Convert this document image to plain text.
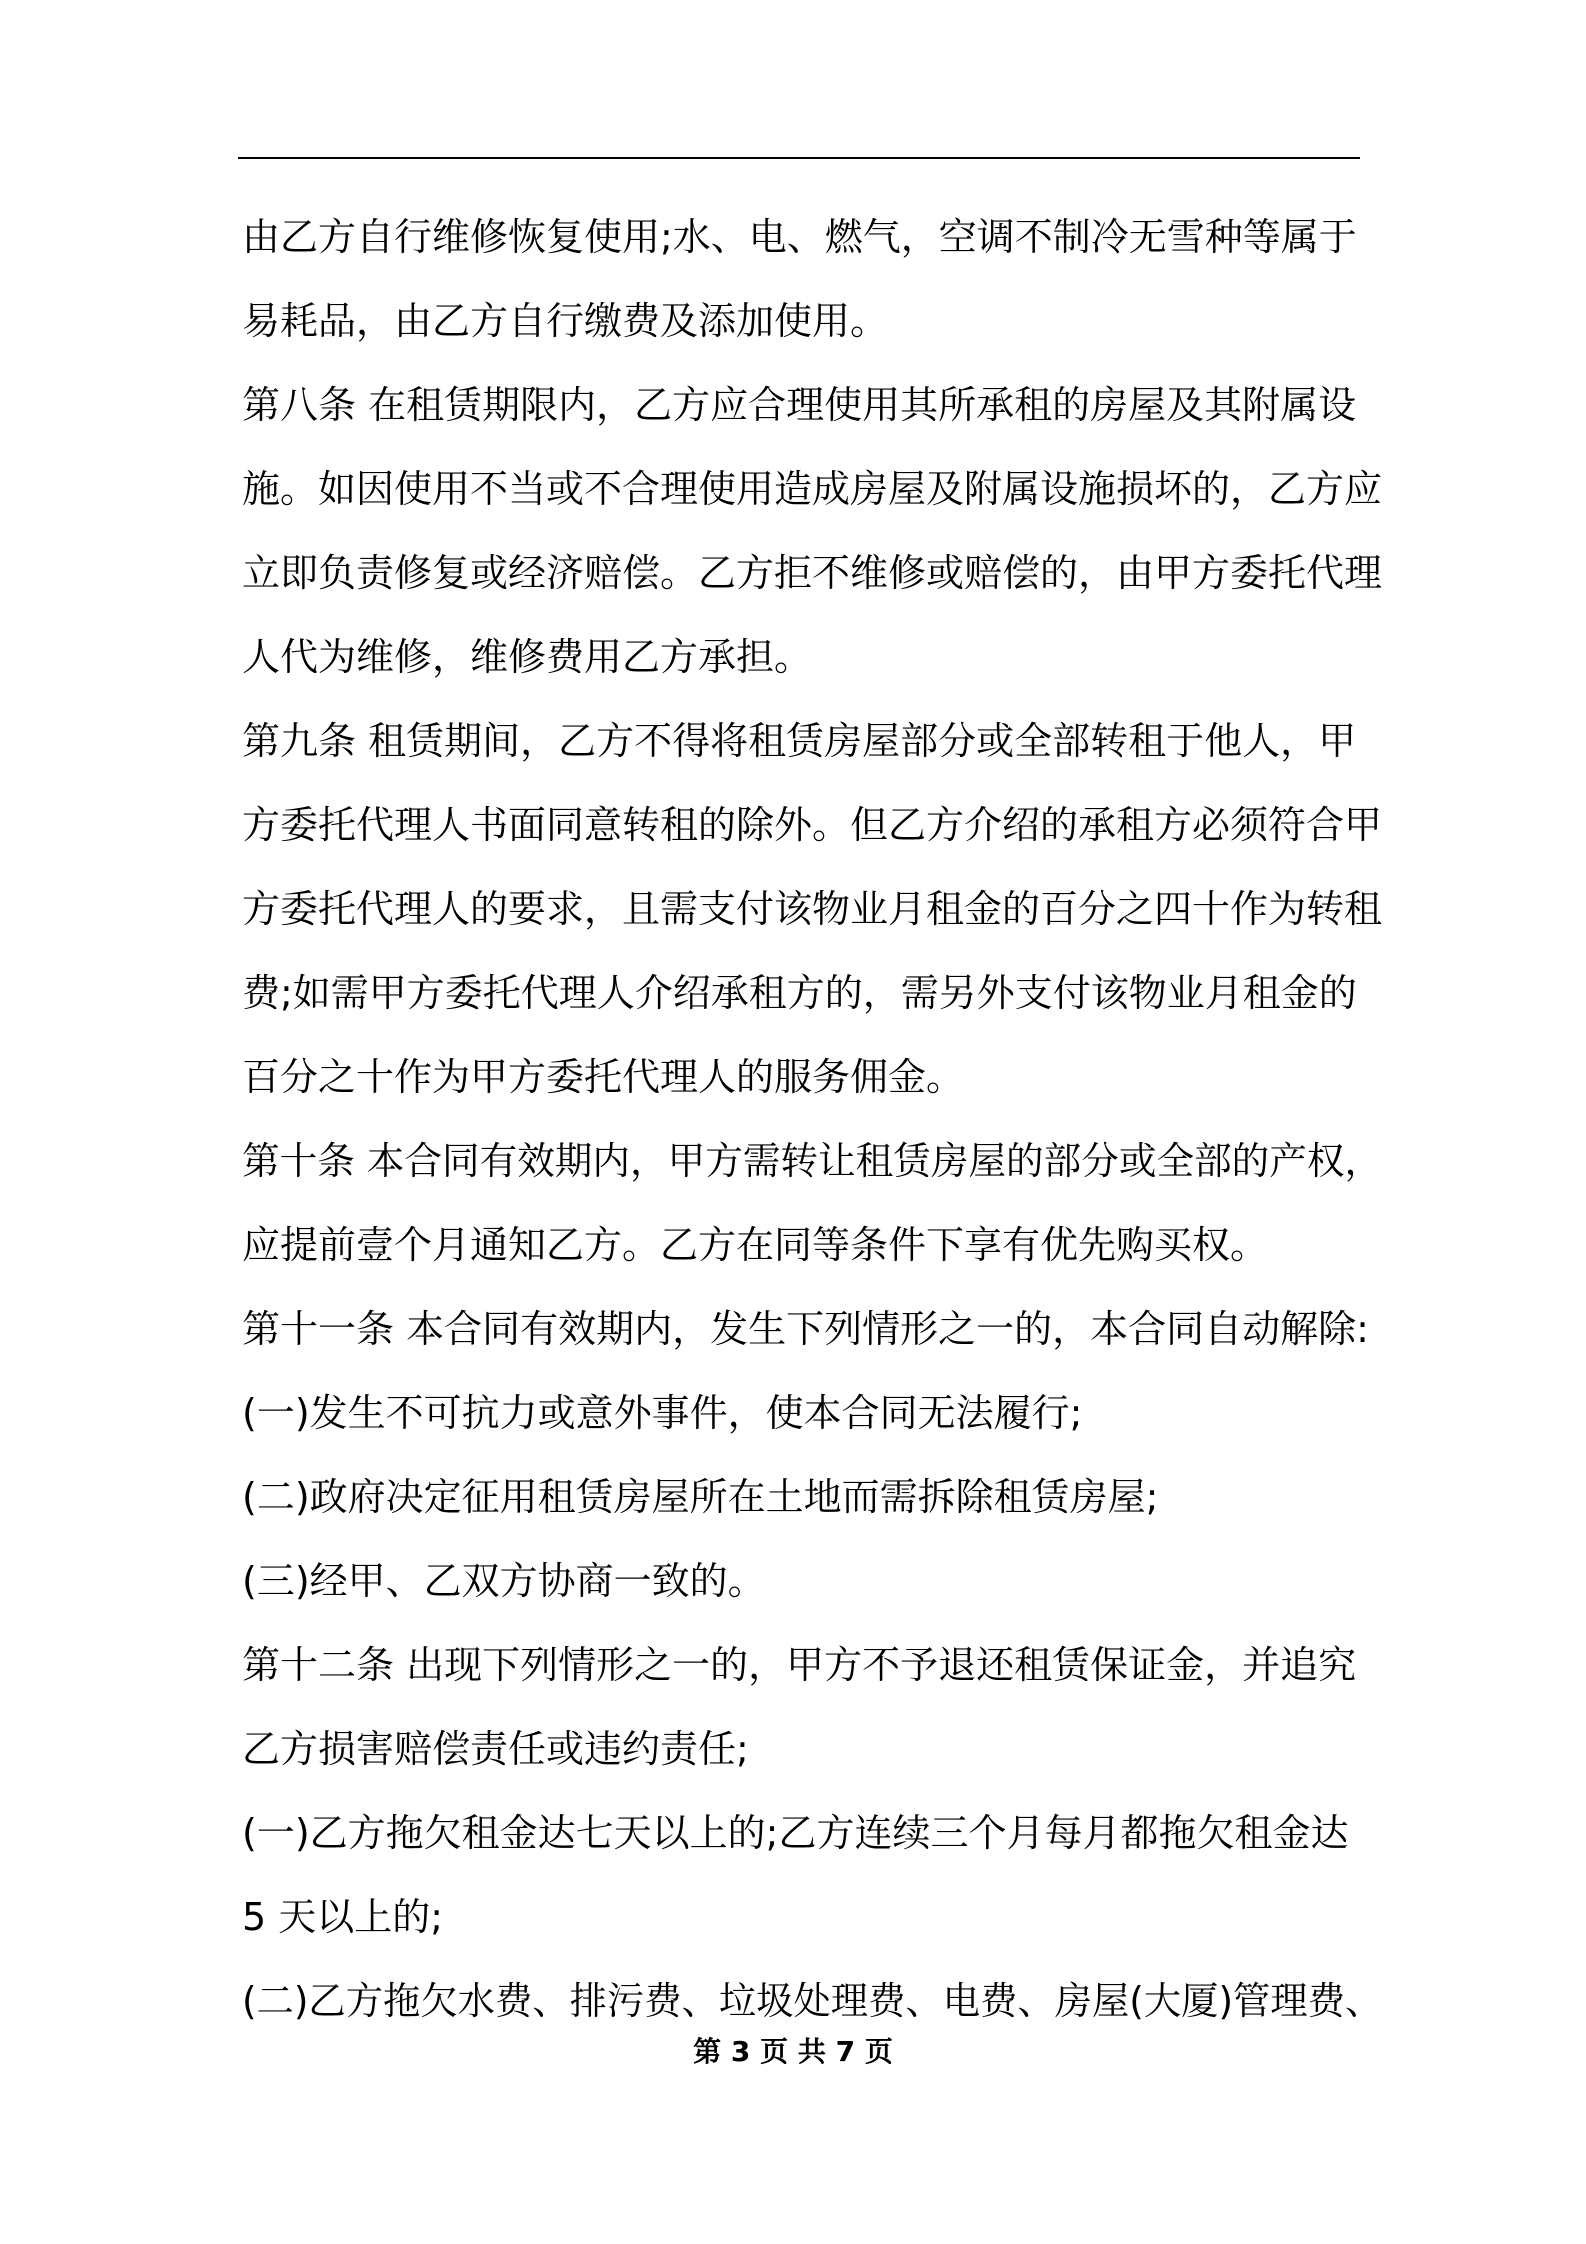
由乙方自行维修恢复使用;水、电、燃气，空调不制冷无雪种等属于
易耗品，由乙方自行缴费及添加使用。
第八条 在租赁期限内，乙方应合理使用其所承租的房屋及其附属设
施。如因使用不当或不合理使用造成房屋及附属设施损坏的，乙方应
立即负责修复或经济赔偿。乙方拒不维修或赔偿的，由甲方委托代理
人代为维修，维修费用乙方承担。
第九条 租赁期间，乙方不得将租赁房屋部分或全部转租于他人，甲
方委托代理人书面同意转租的除外。但乙方介绍的承租方必须符合甲
方委托代理人的要求，且需支付该物业月租金的百分之四十作为转租
费;如需甲方委托代理人介绍承租方的，需另外支付该物业月租金的
百分之十作为甲方委托代理人的服务佣金。
第十条 本合同有效期内，甲方需转让租赁房屋的部分或全部的产权，
应提前壹个月通知乙方。乙方在同等条件下享有优先购买权。
第十一条 本合同有效期内，发生下列情形之一的，本合同自动解除:
(一)发生不可抗力或意外事件，使本合同无法履行;
(二)政府决定征用租赁房屋所在土地而需拆除租赁房屋;
(三)经甲、乙双方协商一致的。
第十二条 出现下列情形之一的，甲方不予退还租赁保证金，并追究
乙方损害赔偿责任或违约责任;
(一)乙方拖欠租金达七天以上的;乙方连续三个月每月都拖欠租金达
5 天以上的;
(二)乙方拖欠水费、排污费、垃圾处理费、电费、房屋(大厦)管理费、
第 3 页 共 7 页
